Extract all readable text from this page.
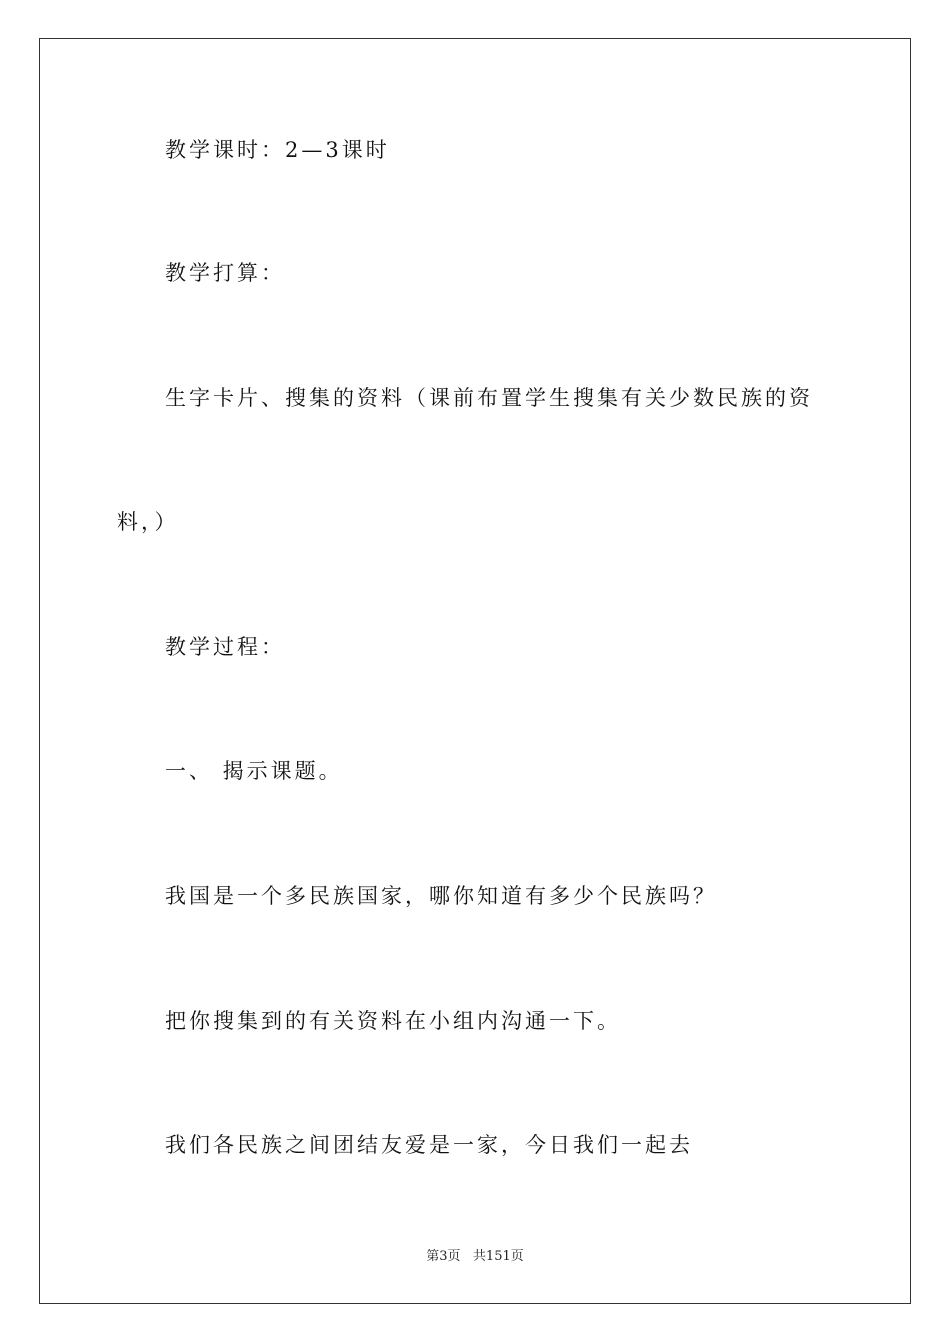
教学课时：2—3课时
教学打算：
生字卡片、搜集的资料（课前布置学生搜集有关少数民族的资
料，）
教学过程：
一、 揭示课题。
我国是一个多民族国家，哪你知道有多少个民族吗？
把你搜集到的有关资料在小组内沟通一下。
我们各民族之间团结友爱是一家，今日我们一起去
第3页   共151页
